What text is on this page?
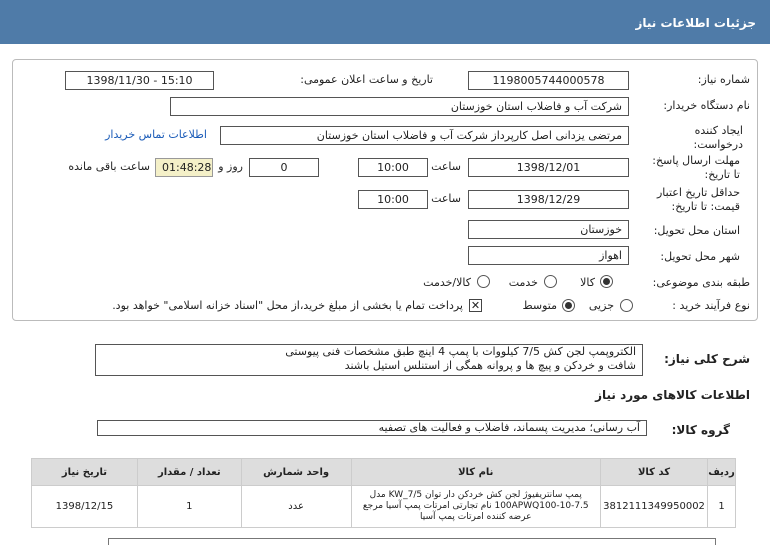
جزئیات اطلاعات نیاز
شماره نیاز:
1198005744000578
تاریخ و ساعت اعلان عمومی:
1398/11/30 - 15:10
نام دستگاه خریدار:
شرکت آب و فاضلاب استان خوزستان
ایجاد کننده
درخواست:
مرتضی یزدانی اصل کارپرداز شرکت آب و فاضلاب استان خوزستان
اطلاعات تماس خریدار
مهلت ارسال پاسخ:
تا تاریخ:
1398/12/01
ساعت
10:00
0
روز و
01:48:28
ساعت باقی مانده
حداقل تاریخ اعتبار
قیمت: تا تاریخ:
1398/12/29
ساعت
10:00
استان محل تحویل:
خوزستان
شهر محل تحویل:
اهواز
طبقه بندی موضوعی:
کالا
خدمت
کالا/خدمت
نوع فرآیند خرید :
جزیی
متوسط
✕
پرداخت تمام یا بخشی از مبلغ خرید،از محل "اسناد خزانه اسلامی" خواهد بود.
شرح کلی نیاز:
الکتروپمپ لجن کش 7/5 کیلووات با پمپ 4 اینچ طبق مشخصات فنی پیوستی
شافت و خردکن و پیچ ها و پروانه همگی از استنلس استیل باشند
اطلاعات کالاهای مورد نیاز
گروه کالا:
آب رسانی؛ مدیریت پسماند، فاضلاب و فعالیت های تصفیه
ردیف	کد کالا	نام کالا	واحد شمارش	تعداد / مقدار	تاریخ نیاز
1	3812111349950002	پمپ سانتریفیوژ لجن کش خردکن دار توان KW_7/5 مدل
100APWQ100-10-7.5 نام تجارتی امرتات پمپ آسیا مرجع
عرضه کننده امرتات پمپ آسیا	عدد	1	1398/12/15
